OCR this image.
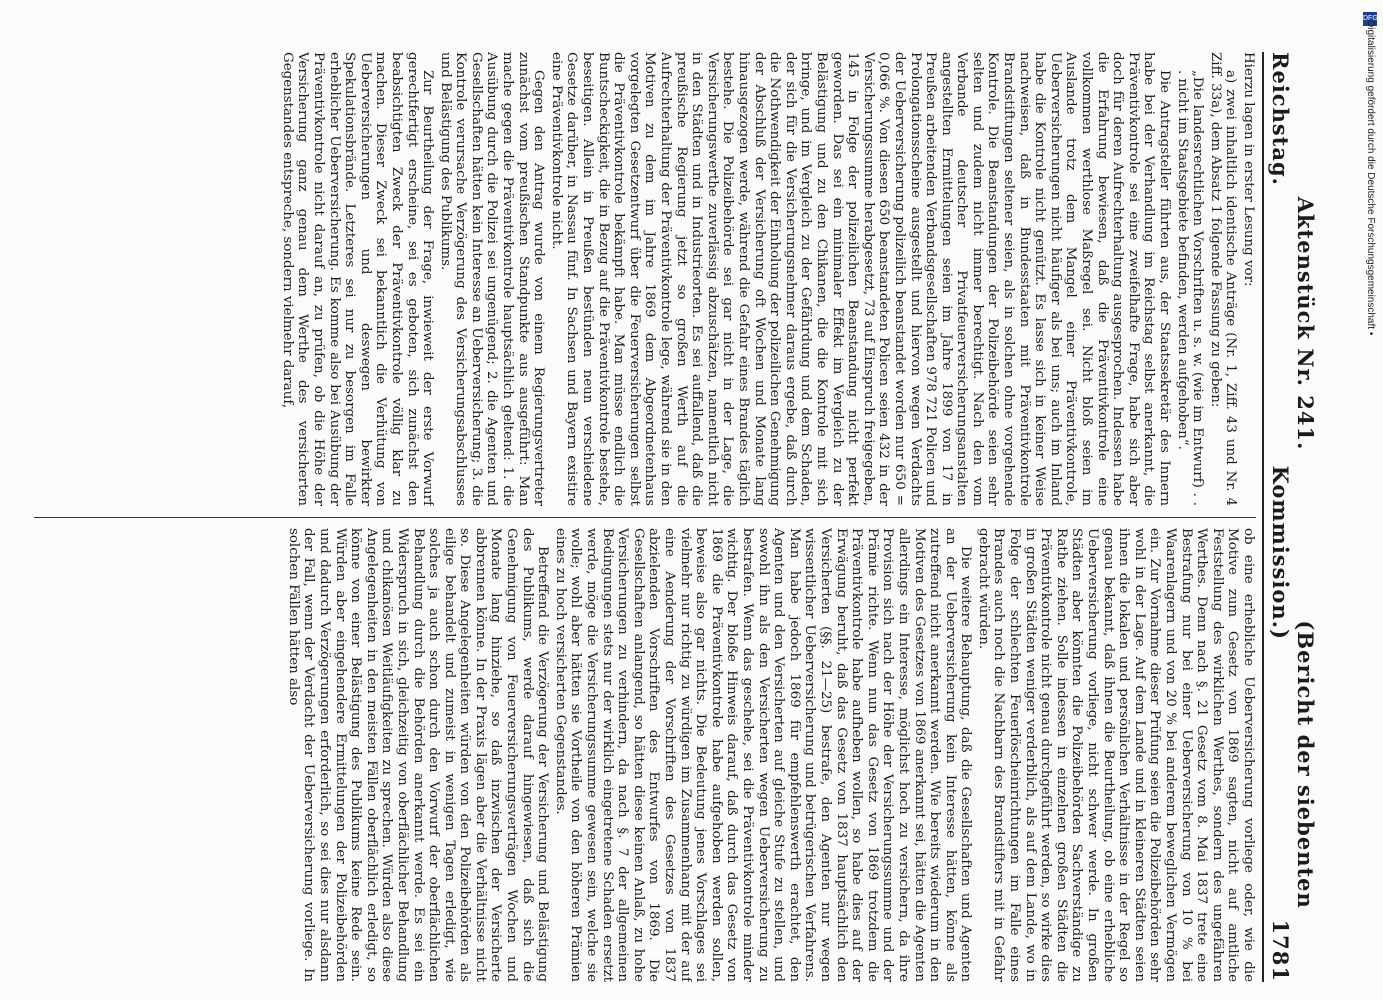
Reichstag.
Aktenstück Nr. 241.(Bericht der siebenten Kommission.)
1781

Hierzu lagen in erster Lesung vor:

a) zwei inhaltlich identische Anträge (Nr. 1, Ziff. 43 und Nr. 4 Ziff. 33a), dem Absatz 1 folgende Fassung zu geben:

„Die landesrechtlichen Vorschriften u. s. w. (wie im Entwurf) . . . nicht im Staatsgebiete befinden, werden aufgehoben“.

Die Antragsteller führten aus, der Staatssekretär des Innern habe bei der Verhandlung im Reichstag selbst anerkannt, die Präventivkontrole sei eine zweifelhafte Frage, habe sich aber doch für deren Aufrechterhaltung ausgesprochen. Indessen habe die Erfahrung bewiesen, daß die Präventivkontrole eine vollkommen werthlose Maßregel sei. Nicht bloß seien im Auslande trotz dem Mangel einer Präventivkontrole, Ueberversicherungen nicht häufiger als bei uns; auch im Inland habe die Kontrole nicht genützt. Es lasse sich in keiner Weise nachweisen, daß in Bundesstaaten mit Präventivkontrole Brandstiftungen seltener seien, als in solchen ohne vorgehende Kontrole. Die Beanstandungen der Polizeibehörde seien sehr selten und zudem nicht immer berechtigt. Nach den vom Verbande deutscher Privatfeuerversicherungsanstalten angestellten Ermittelungen seien im Jahre 1899 von 17 in Preußen arbeitenden Verbandsgesellschaften 978 721 Policen und Prolongationsscheine ausgestellt und hiervon wegen Verdachts der Ueberversicherung polizeilich beanstandet worden nur 650 = 0,066 %. Von diesen 650 beanstandeten Policen seien 432 in der Versicherungssumme herabgesetzt, 73 auf Einspruch freigegeben, 145 in Folge der polizeilichen Beanstandung nicht perfekt geworden. Das sei ein minimaler Effekt im Vergleich zu der Belästigung und zu den Chikanen, die die Kontrole mit sich bringe, und im Vergleich zu der Gefährdung und dem Schaden, der sich für die Versicherungsnehmer daraus ergebe, daß durch die Nothwendigkeit der Einholung der polizeilichen Genehmigung der Abschluß der Versicherung oft Wochen und Monate lang hinausgezogen werde, während die Gefahr eines Brandes täglich bestehe. Die Polizeibehörde sei gar nicht in der Lage, die Versicherungswerthe zuverlässig abzuschätzen, namentlich nicht in den Städten und in Industrieorten. Es sei auffallend, daß die preußische Regierung jetzt so großen Werth auf die Aufrechterhaltung der Präventivkontrole lege, während sie in den Motiven zu dem im Jahre 1869 dem Abgeordnetenhaus vorgelegten Gesetzentwurf über die Feuerversicherungen selbst die Präventivkontrole bekämpft habe. Man müsse endlich die Buntscheckigkeit, die in Bezug auf die Präventivkontrole bestehe, beseitigen. Allein in Preußen bestünden neun verschiedene Gesetze darüber, in Nassau fünf. In Sachsen und Bayern existire eine Präventivkontrole nicht.

Gegen den Antrag wurde von einem Regierungsvertreter zunächst vom preußischen Standpunkte aus ausgeführt: Man mache gegen die Präventivkontrole hauptsächlich geltend: 1. die Ausübung durch die Polizei sei ungenügend; 2. die Agenten und Gesellschaften hätten kein Interesse an Ueberversicherung; 3. die Kontrole verursache Verzögerung des Versicherungsabschlusses und Belästigung des Publikums.

Zur Beurtheilung der Frage, inwieweit der erste Vorwurf gerechtfertigt erscheine, sei es geboten, sich zunächst den beabsichtigten Zweck der Präventivkontrole völlig klar zu machen. Dieser Zweck sei bekanntlich die Verhütung von Ueberversicherungen und deswegen bewirkter Spekulationsbrände. Letzteres sei nur zu besorgen im Falle erheblicher Ueberversicherung. Es komme also bei Ausübung der Präventivkontrole nicht darauf an, zu prüfen, ob die Höhe der Versicherung ganz genau dem Werthe des versicherten Gegenstandes entspreche, sondern vielmehr darauf,

ob eine erhebliche Ueberversicherung vorliege oder, wie die Motive zum Gesetz von 1869 sagten, nicht auf amtliche Feststellung des wirklichen Werthes, sondern des ungefähren Werthes. Denn nach §. 21 Gesetz vom 8. Mai 1837 trete eine Bestrafung nur bei einer Ueberversicherung von 10 % bei Waarenlagern und von 20 % bei anderem beweglichen Vermögen ein. Zur Vornahme dieser Prüfung seien die Polizeibehörden sehr wohl in der Lage. Auf dem Lande und in kleineren Städten seien ihnen die lokalen und persönlichen Verhältnisse in der Regel so genau bekannt, daß ihnen die Beurtheilung, ob eine erhebliche Ueberversicherung vorliege, nicht schwer werde. In großen Städten aber könnten die Polizeibehörden Sachverständige zu Rathe ziehen. Solle indessen in einzelnen großen Städten die Präventivkontrole nicht genau durchgeführt werden, so wirke dies in großen Städten weniger verderblich, als auf dem Lande, wo in Folge der schlechten Feuerlöscheinrichtungen im Falle eines Brandes auch noch die Nachbarn des Brandstifters mit in Gefahr gebracht würden.

Die weitere Behauptung, daß die Gesellschaften und Agenten an der Ueberversicherung kein Interesse hätten, könne als zutreffend nicht anerkannt werden. Wie bereits wiederum in den Motiven des Gesetzes von 1869 anerkannt sei, hätten die Agenten allerdings ein Interesse, möglichst hoch zu versichern, da ihre Provision sich nach der Höhe der Versicherungssumme und der Prämie richte. Wenn nun das Gesetz von 1869 trotzdem die Präventivkontrole habe aufheben wollen, so habe dies auf der Erwägung beruht, daß das Gesetz von 1837 hauptsächlich den Versicherten (§§. 21—25) bestrafe, den Agenten nur wegen wissentlicher Ueberversicherung und betrügerischen Verfahrens. Man habe jedoch 1869 für empfehlenswerth erachtet, den Agenten und den Versicherten auf gleiche Stufe zu stellen, und sowohl ihn als den Versicherten wegen Ueberversicherung zu bestrafen. Wenn das geschehe, sei die Präventivkontrole minder wichtig. Der bloße Hinweis darauf, daß durch das Gesetz von 1869 die Präventivkontrole habe aufgehoben werden sollen, beweise also gar nichts. Die Bedeutung jenes Vorschlages sei vielmehr nur richtig zu würdigen im Zusammenhang mit der auf eine Aenderung der Vorschriften des Gesetzes von 1837 abzielenden Vorschriften des Entwurfes von 1869. Die Gesellschaften anlangend, so hätten diese keinen Anlaß, zu hohe Versicherungen zu verhindern, da nach §. 7 der allgemeinen Bedingungen stets nur der wirklich eingetretene Schaden ersetzt werde, möge die Versicherungssumme gewesen sein, welche sie wolle; wohl aber hätten sie Vortheile von den höheren Prämien eines zu hoch versicherten Gegenstandes.

Betreffend die Verzögerung der Versicherung und Belästigung des Publikums, werde darauf hingewiesen, daß sich die Genehmigung von Feuerversicherungsverträgen Wochen und Monate lang hinziehe, so daß inzwischen der Versicherte abbrennen könne. In der Praxis lägen aber die Verhältnisse nicht so. Diese Angelegenheiten würden von den Polizeibehörden als eilige behandelt und zumeist in wenigen Tagen erledigt, wie solches ja auch schon durch den Vorwurf der oberflächlichen Behandlung durch die Behörden anerkannt werde. Es sei ein Widerspruch in sich, gleichzeitig von oberflächlicher Behandlung und chikanösen Weitläufigkeiten zu sprechen. Würden also diese Angelegenheiten in den meisten Fällen oberflächlich erledigt, so könne von einer Belästigung des Publikums keine Rede sein. Würden aber eingehendere Ermittelungen der Polizeibehörden und dadurch Verzögerungen erforderlich, so sei dies nur alsdann der Fall, wenn der Verdacht der Ueberversicherung vorliege. In solchen Fällen hätten also

DFG
Digitalisierung gefördert durch die Deutsche Forschungsgemeinschaft •
